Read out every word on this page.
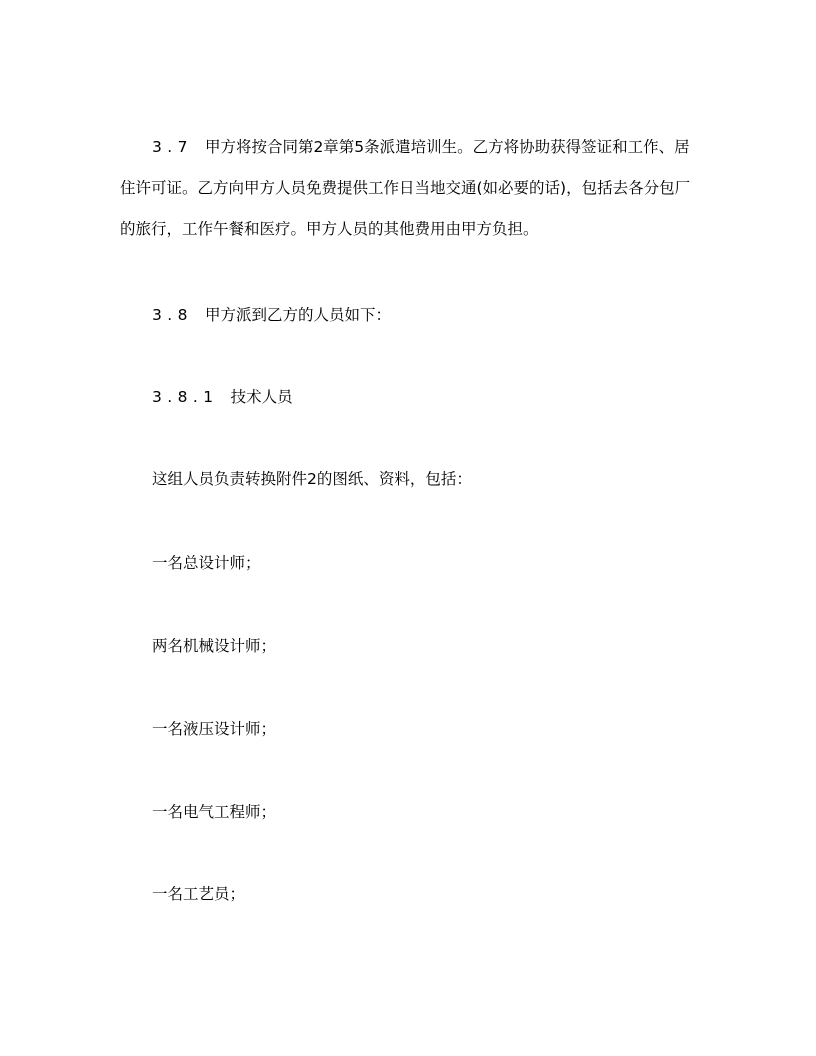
3.7 甲方将按合同第2章第5条派遣培训生。乙方将协助获得签证和工作、居住许可证。乙方向甲方人员免费提供工作日当地交通(如必要的话)，包括去各分包厂的旅行，工作午餐和医疗。甲方人员的其他费用由甲方负担。

3.8 甲方派到乙方的人员如下：

3.8.1 技术人员

这组人员负责转换附件2的图纸、资料，包括：

一名总设计师；

两名机械设计师；

一名液压设计师；

一名电气工程师；

一名工艺员；
